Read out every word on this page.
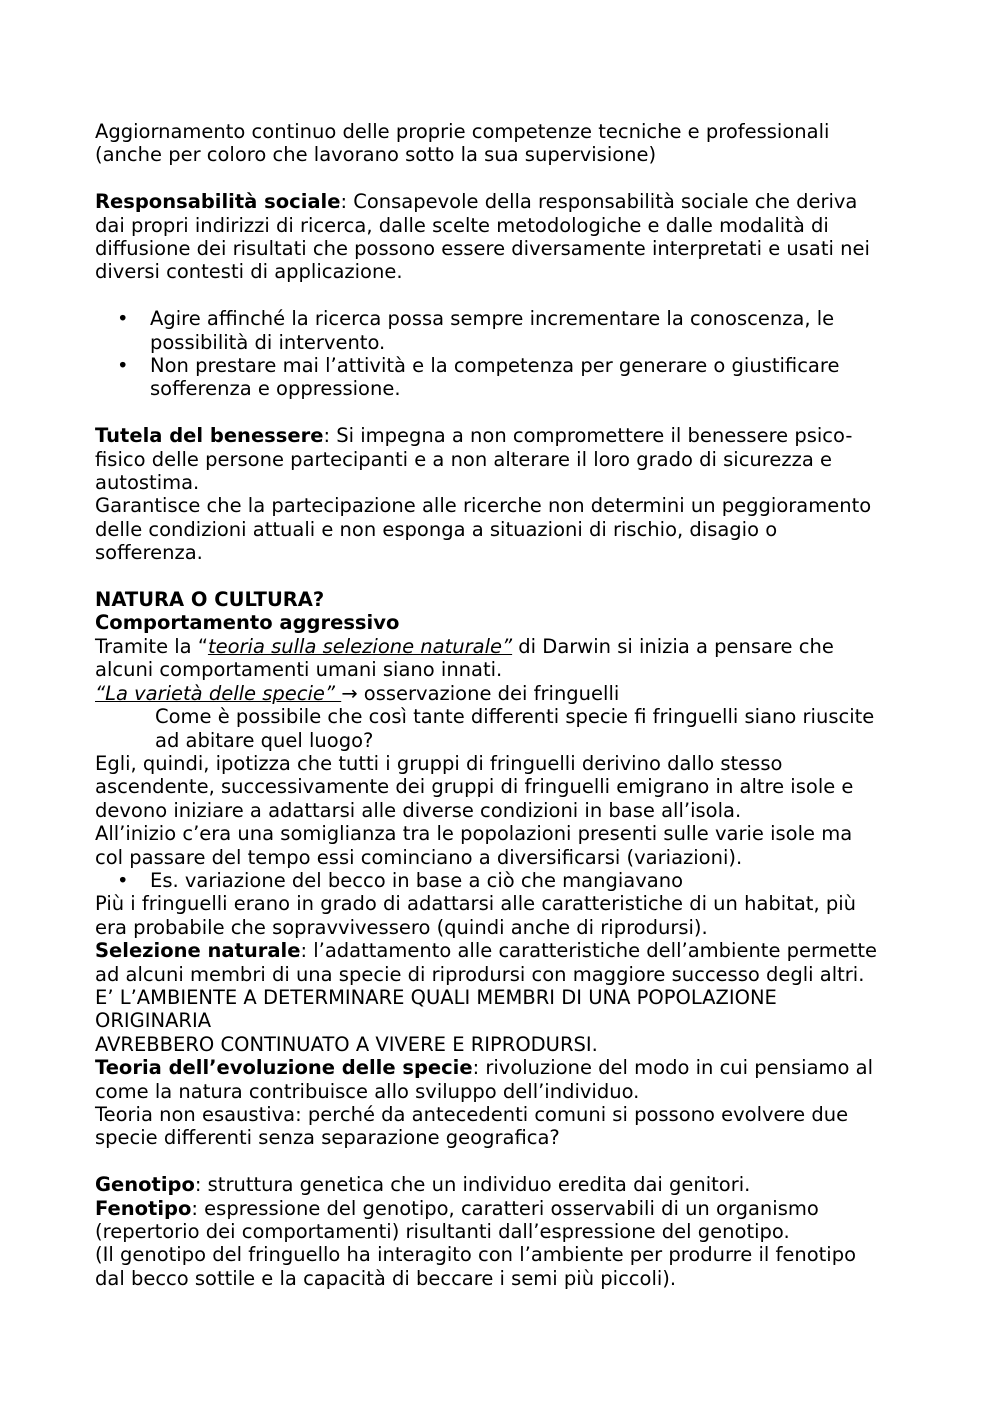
Aggiornamento continuo delle proprie competenze tecniche e professionali
(anche per coloro che lavorano sotto la sua supervisione)

Responsabilità sociale: Consapevole della responsabilità sociale che deriva
dai propri indirizzi di ricerca, dalle scelte metodologiche e dalle modalità di
diffusione dei risultati che possono essere diversamente interpretati e usati nei
diversi contesti di applicazione.

• Agire affinché la ricerca possa sempre incrementare la conoscenza, le
possibilità di intervento.
• Non prestare mai l’attività e la competenza per generare o giustificare
sofferenza e oppressione.

Tutela del benessere: Si impegna a non compromettere il benessere psico-
fisico delle persone partecipanti e a non alterare il loro grado di sicurezza e
autostima.
Garantisce che la partecipazione alle ricerche non determini un peggioramento
delle condizioni attuali e non esponga a situazioni di rischio, disagio o
sofferenza.

NATURA O CULTURA?
Comportamento aggressivo
Tramite la “teoria sulla selezione naturale” di Darwin si inizia a pensare che
alcuni comportamenti umani siano innati.
“La varietà delle specie” → osservazione dei fringuelli

Come è possibile che così tante differenti specie fi fringuelli siano riuscite
ad abitare quel luogo?

Egli, quindi, ipotizza che tutti i gruppi di fringuelli derivino dallo stesso
ascendente, successivamente dei gruppi di fringuelli emigrano in altre isole e
devono iniziare a adattarsi alle diverse condizioni in base all’isola.
All’inizio c’era una somiglianza tra le popolazioni presenti sulle varie isole ma
col passare del tempo essi cominciano a diversificarsi (variazioni).

• Es. variazione del becco in base a ciò che mangiavano

Più i fringuelli erano in grado di adattarsi alle caratteristiche di un habitat, più
era probabile che sopravvivessero (quindi anche di riprodursi).
Selezione naturale: l’adattamento alle caratteristiche dell’ambiente permette
ad alcuni membri di una specie di riprodursi con maggiore successo degli altri.
E’ L’AMBIENTE A DETERMINARE QUALI MEMBRI DI UNA POPOLAZIONE
ORIGINARIA
AVREBBERO CONTINUATO A VIVERE E RIPRODURSI.
Teoria dell’evoluzione delle specie: rivoluzione del modo in cui pensiamo al
come la natura contribuisce allo sviluppo dell’individuo.
Teoria non esaustiva: perché da antecedenti comuni si possono evolvere due
specie differenti senza separazione geografica?

Genotipo: struttura genetica che un individuo eredita dai genitori.
Fenotipo: espressione del genotipo, caratteri osservabili di un organismo
(repertorio dei comportamenti) risultanti dall’espressione del genotipo.
(Il genotipo del fringuello ha interagito con l’ambiente per produrre il fenotipo
dal becco sottile e la capacità di beccare i semi più piccoli).
